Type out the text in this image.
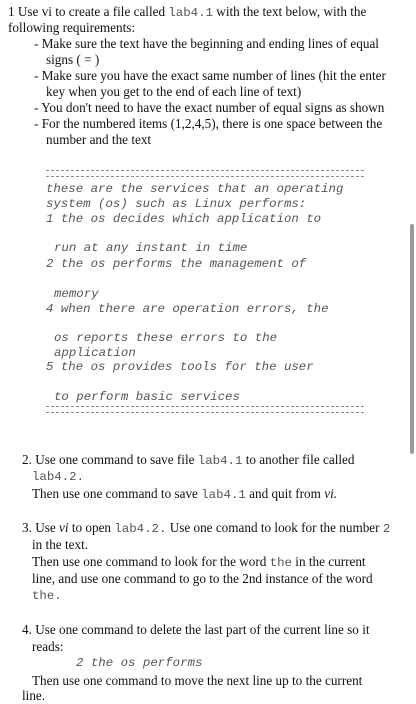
1 Use vi to create a file called lab4.1 with the text below, with the
following requirements:
- Make sure the text have the beginning and ending lines of equal
signs ( = )
- Make sure you have the exact same number of lines (hit the enter
key when you get to the end of each line of text)
- You don't need to have the exact number of equal signs as shown
- For the numbered items (1,2,4,5), there is one space between the
number and the text
these are the services that an operating
system (os) such as Linux performs:
1 the os decides which application to
run at any instant in time
2 the os performs the management of
memory
4 when there are operation errors, the
os reports these errors to the
application
5 the os provides tools for the user
to perform basic services
2. Use one command to save file lab4.1 to another file called
lab4.2.
Then use one command to save lab4.1 and quit from vi.
3. Use vi to open lab4.2. Use one comand to look for the number 2
in the text.
Then use one command to look for the word the in the current
line, and use one command to go to the 2nd instance of the word
the.
4. Use one command to delete the last part of the current line so it
reads:
2 the os performs
Then use one command to move the next line up to the current
line.
